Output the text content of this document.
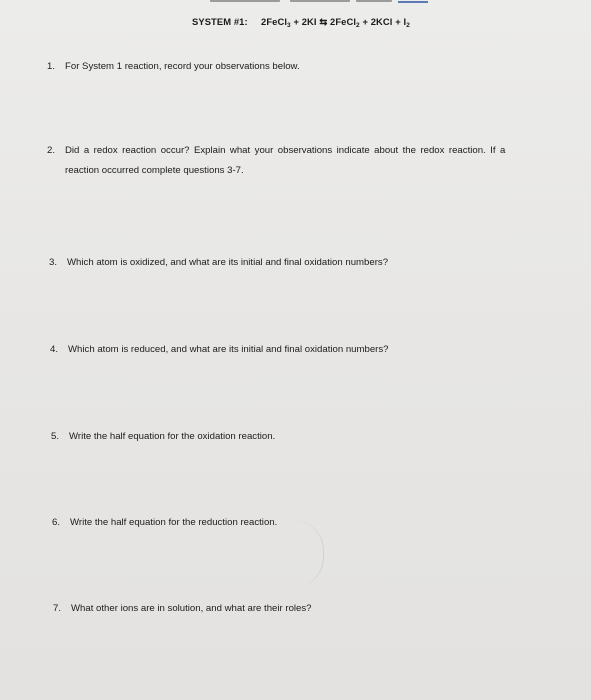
SYSTEM #1: 2FeCl$_3$ + 2KI ⇆ 2FeCl$_2$ + $2KCl + I_2$
1. For System 1 reaction, record your observations below.
2. Did a redox reaction occur? Explain what your observations indicate about the redox reaction. If a
reaction occurred complete questions 3-7.
3. Which atom is oxidized, and what are its initial and final oxidation numbers?
4. Which atom is reduced, and what are its initial and final oxidation numbers?
5. Write the half equation for the oxidation reaction.
6. Write the half equation for the reduction reaction.
7. What other ions are in solution, and what are their roles?
